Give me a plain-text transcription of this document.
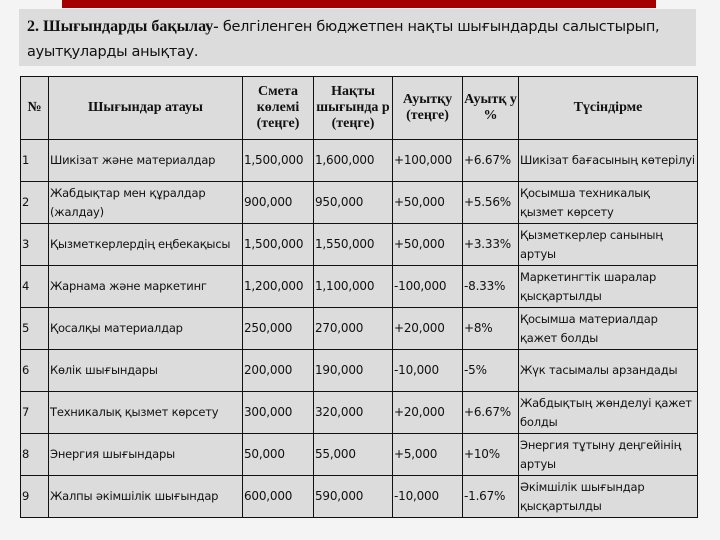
2. Шығындарды бақылау- белгіленген бюджетпен нақты шығындарды салыстырып, ауытқуларды анықтау.
№	Шығындар атауы	Смета көлемі (теңге)	Нақты шығында р (теңге)	Ауытқу (теңге)	Ауытқ у %	Түсіндірме
1	Шикізат және материалдар	1,500,000	1,600,000	+100,000	+6.67%	Шикізат бағасының көтерілуі
2	Жабдықтар мен құралдар (жалдау)	900,000	950,000	+50,000	+5.56%	Қосымша техникалық қызмет көрсету
3	Қызметкерлердің еңбекақысы	1,500,000	1,550,000	+50,000	+3.33%	Қызметкерлер санының артуы
4	Жарнама және маркетинг	1,200,000	1,100,000	-100,000	-8.33%	Маркетингтік шаралар қысқартылды
5	Қосалқы материалдар	250,000	270,000	+20,000	+8%	Қосымша материалдар қажет болды
6	Көлік шығындары	200,000	190,000	-10,000	-5%	Жүк тасымалы арзандады
7	Техникалық қызмет көрсету	300,000	320,000	+20,000	+6.67%	Жабдықтың жөнделуі қажет болды
8	Энергия шығындары	50,000	55,000	+5,000	+10%	Энергия тұтыну деңгейінің артуы
9	Жалпы әкімшілік шығындар	600,000	590,000	-10,000	-1.67%	Әкімшілік шығындар қысқартылды
